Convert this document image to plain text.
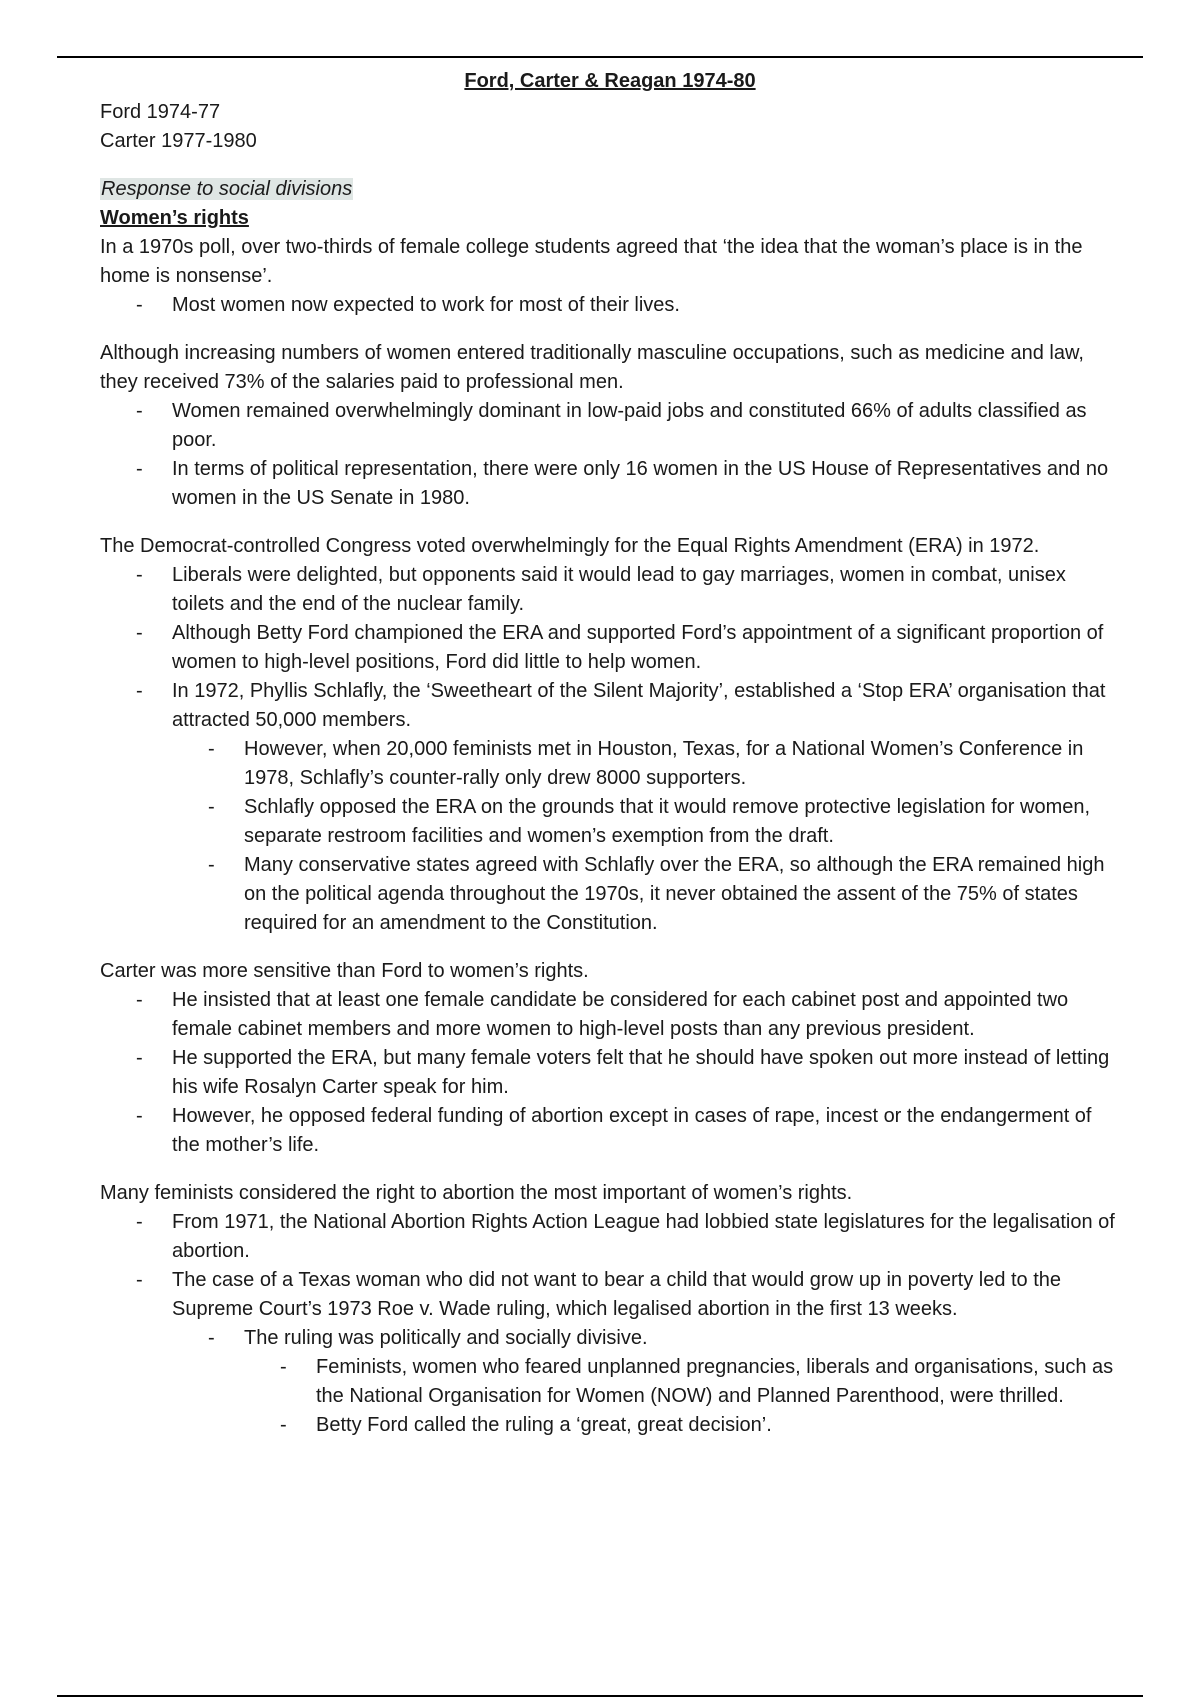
Ford, Carter & Reagan 1974-80

Ford 1974-77

Carter 1977-1980

Response to social divisions

Women’s rights

In a 1970s poll, over two-thirds of female college students agreed that ‘the idea that the woman’s place is in the home is nonsense’.

- Most women now expected to work for most of their lives.

Although increasing numbers of women entered traditionally masculine occupations, such as medicine and law, they received 73% of the salaries paid to professional men.

- Women remained overwhelmingly dominant in low-paid jobs and constituted 66% of adults classified as poor.

- In terms of political representation, there were only 16 women in the US House of Representatives and no women in the US Senate in 1980.

The Democrat-controlled Congress voted overwhelmingly for the Equal Rights Amendment (ERA) in 1972.

- Liberals were delighted, but opponents said it would lead to gay marriages, women in combat, unisex toilets and the end of the nuclear family.

- Although Betty Ford championed the ERA and supported Ford’s appointment of a significant proportion of women to high-level positions, Ford did little to help women.

- In 1972, Phyllis Schlafly, the ‘Sweetheart of the Silent Majority’, established a ‘Stop ERA’ organisation that attracted 50,000 members.

- However, when 20,000 feminists met in Houston, Texas, for a National Women’s Conference in 1978, Schlafly’s counter-rally only drew 8000 supporters.

- Schlafly opposed the ERA on the grounds that it would remove protective legislation for women, separate restroom facilities and women’s exemption from the draft.

- Many conservative states agreed with Schlafly over the ERA, so although the ERA remained high on the political agenda throughout the 1970s, it never obtained the assent of the 75% of states required for an amendment to the Constitution.

Carter was more sensitive than Ford to women’s rights.

- He insisted that at least one female candidate be considered for each cabinet post and appointed two female cabinet members and more women to high-level posts than any previous president.

- He supported the ERA, but many female voters felt that he should have spoken out more instead of letting his wife Rosalyn Carter speak for him.

- However, he opposed federal funding of abortion except in cases of rape, incest or the endangerment of the mother’s life.

Many feminists considered the right to abortion the most important of women’s rights.

- From 1971, the National Abortion Rights Action League had lobbied state legislatures for the legalisation of abortion.

- The case of a Texas woman who did not want to bear a child that would grow up in poverty led to the Supreme Court’s 1973 Roe v. Wade ruling, which legalised abortion in the first 13 weeks.

- The ruling was politically and socially divisive.

- Feminists, women who feared unplanned pregnancies, liberals and organisations, such as the National Organisation for Women (NOW) and Planned Parenthood, were thrilled.

- Betty Ford called the ruling a ‘great, great decision’.
